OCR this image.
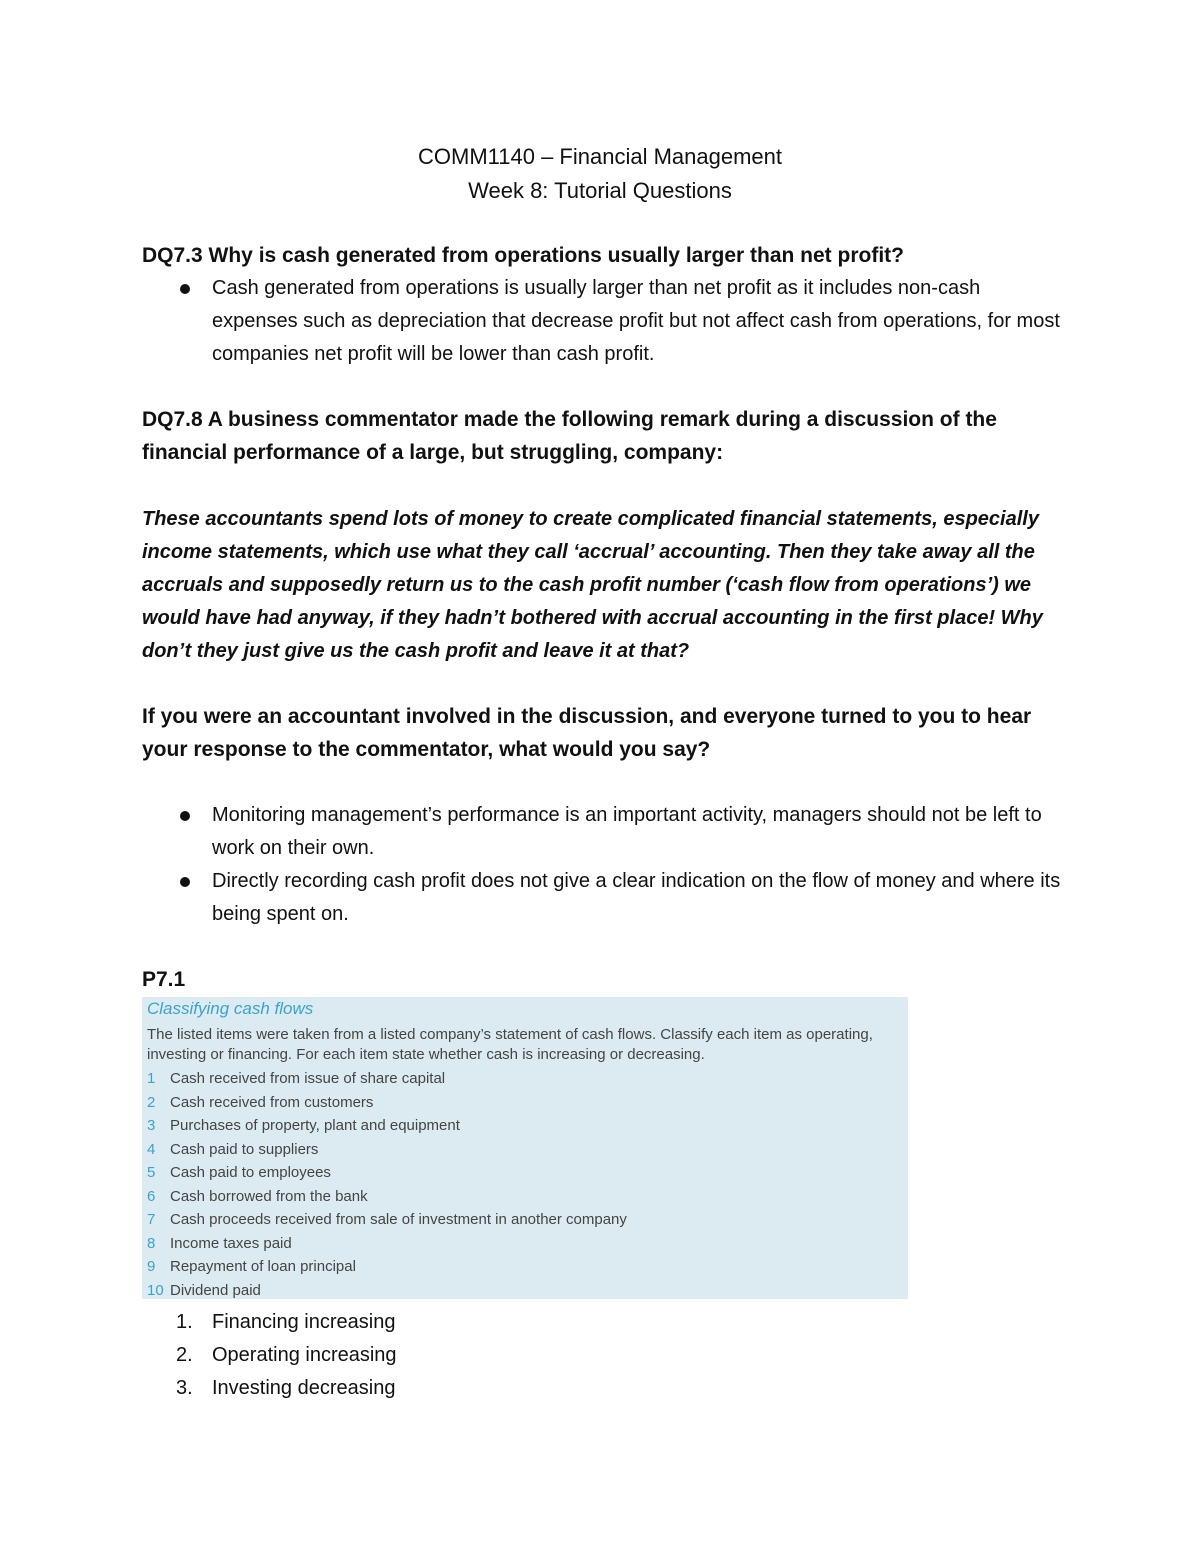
COMM1140 – Financial Management
Week 8: Tutorial Questions

DQ7.3 Why is cash generated from operations usually larger than net profit?

Cash generated from operations is usually larger than net profit as it includes non-cash expenses such as depreciation that decrease profit but not affect cash from operations, for most companies net profit will be lower than cash profit.

DQ7.8 A business commentator made the following remark during a discussion of the financial performance of a large, but struggling, company:

These accountants spend lots of money to create complicated financial statements, especially income statements, which use what they call ‘accrual’ accounting. Then they take away all the accruals and supposedly return us to the cash profit number (‘cash flow from operations’) we would have had anyway, if they hadn’t bothered with accrual accounting in the first place! Why don’t they just give us the cash profit and leave it at that?

If you were an accountant involved in the discussion, and everyone turned to you to hear your response to the commentator, what would you say?

Monitoring management’s performance is an important activity, managers should not be left to work on their own.
Directly recording cash profit does not give a clear indication on the flow of money and where its being spent on.

P7.1

Classifying cash flows
The listed items were taken from a listed company’s statement of cash flows. Classify each item as operating, investing or financing. For each item state whether cash is increasing or decreasing.
1 Cash received from issue of share capital
2 Cash received from customers
3 Purchases of property, plant and equipment
4 Cash paid to suppliers
5 Cash paid to employees
6 Cash borrowed from the bank
7 Cash proceeds received from sale of investment in another company
8 Income taxes paid
9 Repayment of loan principal
10 Dividend paid
1. Financing increasing
2. Operating increasing
3. Investing decreasing
